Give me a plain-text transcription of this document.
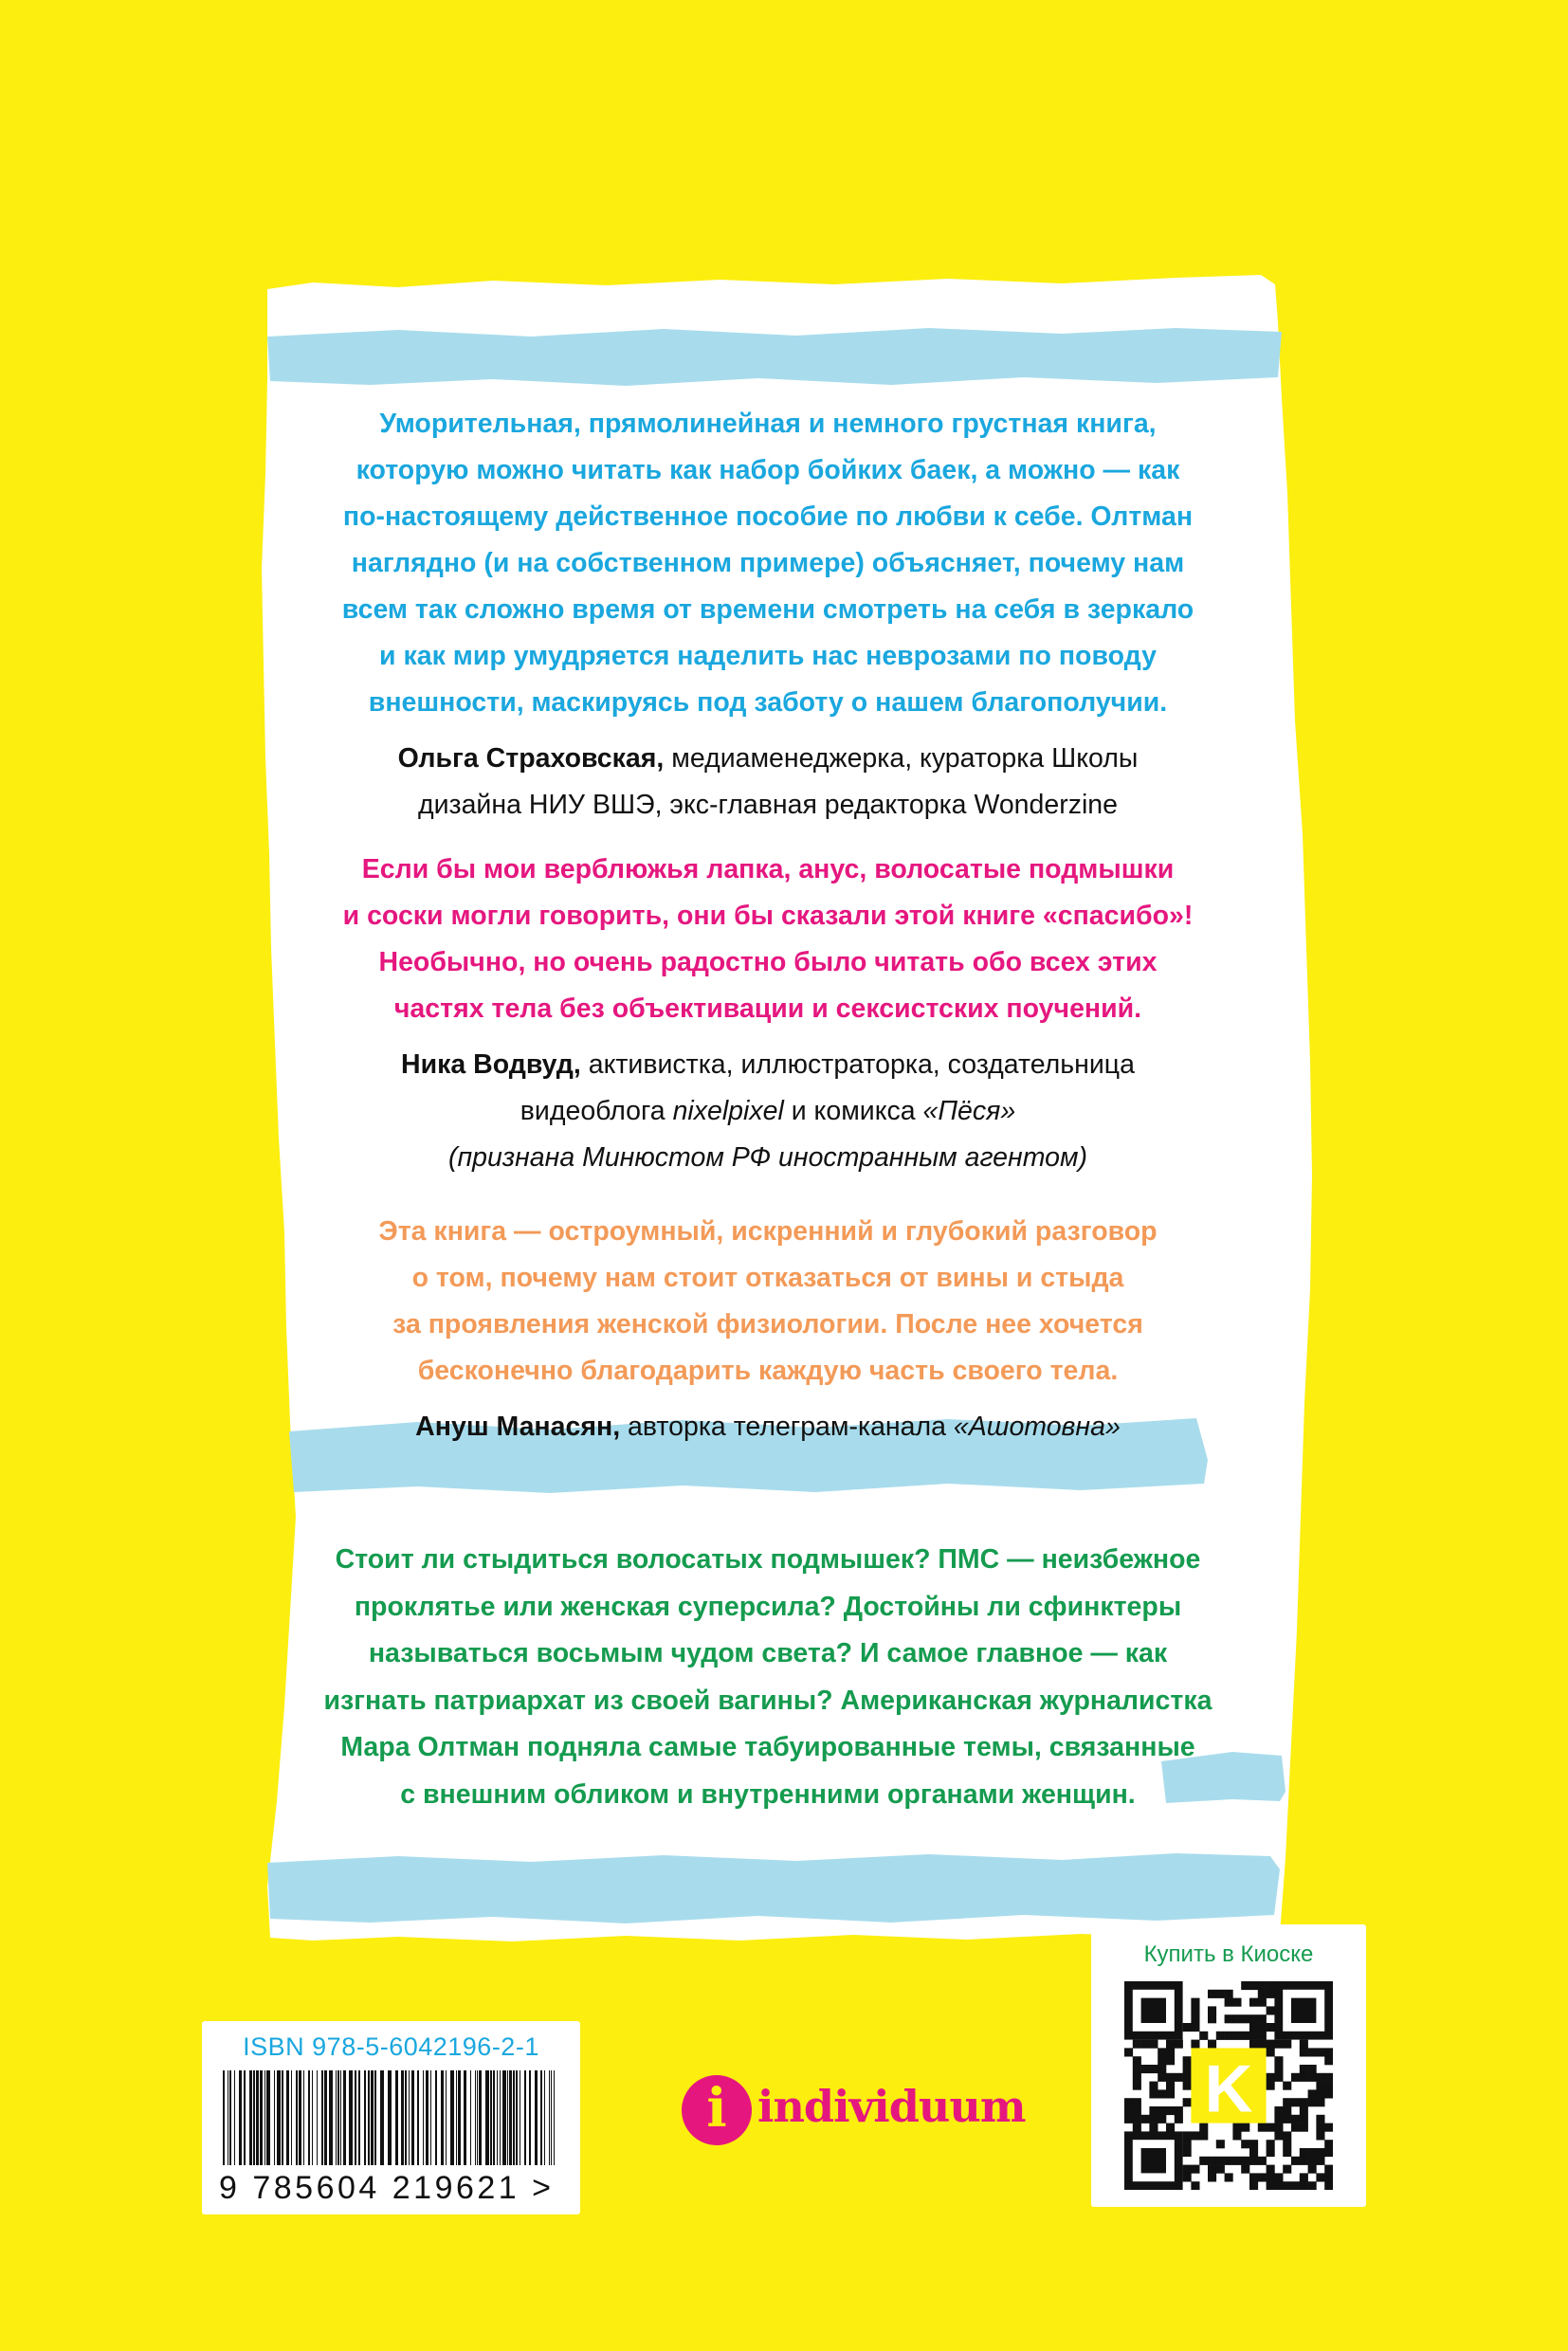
Уморительная, прямолинейная и немного грустная книга,

которую можно читать как набор бойких баек, а можно — как

по-настоящему действенное пособие по любви к себе. Олтман

наглядно (и на собственном примере) объясняет, почему нам

всем так сложно время от времени смотреть на себя в зеркало

и как мир умудряется наделить нас неврозами по поводу

внешности, маскируясь под заботу о нашем благополучии.

Ольга Страховская, медиаменеджерка, кураторка Школы
дизайна НИУ ВШЭ, экс-главная редакторка Wonderzine

Если бы мои верблюжья лапка, анус, волосатые подмышки

и соски могли говорить, они бы сказали этой книге «спасибо»!

Необычно, но очень радостно было читать обо всех этих

частях тела без объективации и сексистских поучений.

Ника Водвуд, активистка, иллюстраторка, создательница
видеоблога nixelpixel и комикса «Пёся»
(признана Минюстом РФ иностранным агентом)

Эта книга — остроумный, искренний и глубокий разговор

о том, почему нам стоит отказаться от вины и стыда

за проявления женской физиологии. После нее хочется

бесконечно благодарить каждую часть своего тела.

Ануш Манасян, авторка телеграм-канала «Ашотовна»

Стоит ли стыдиться волосатых подмышек? ПМС — неизбежное

проклятье или женская суперсила? Достойны ли сфинктеры

называться восьмым чудом света? И самое главное — как

изгнать патриархат из своей вагины? Американская журналистка

Мара Олтман подняла самые табуированные темы, связанные

с внешним обликом и внутренними органами женщин.

ISBN 978-5-6042196-2-1
9 785604 219621 >
i individuum
Купить в Киоске
K
